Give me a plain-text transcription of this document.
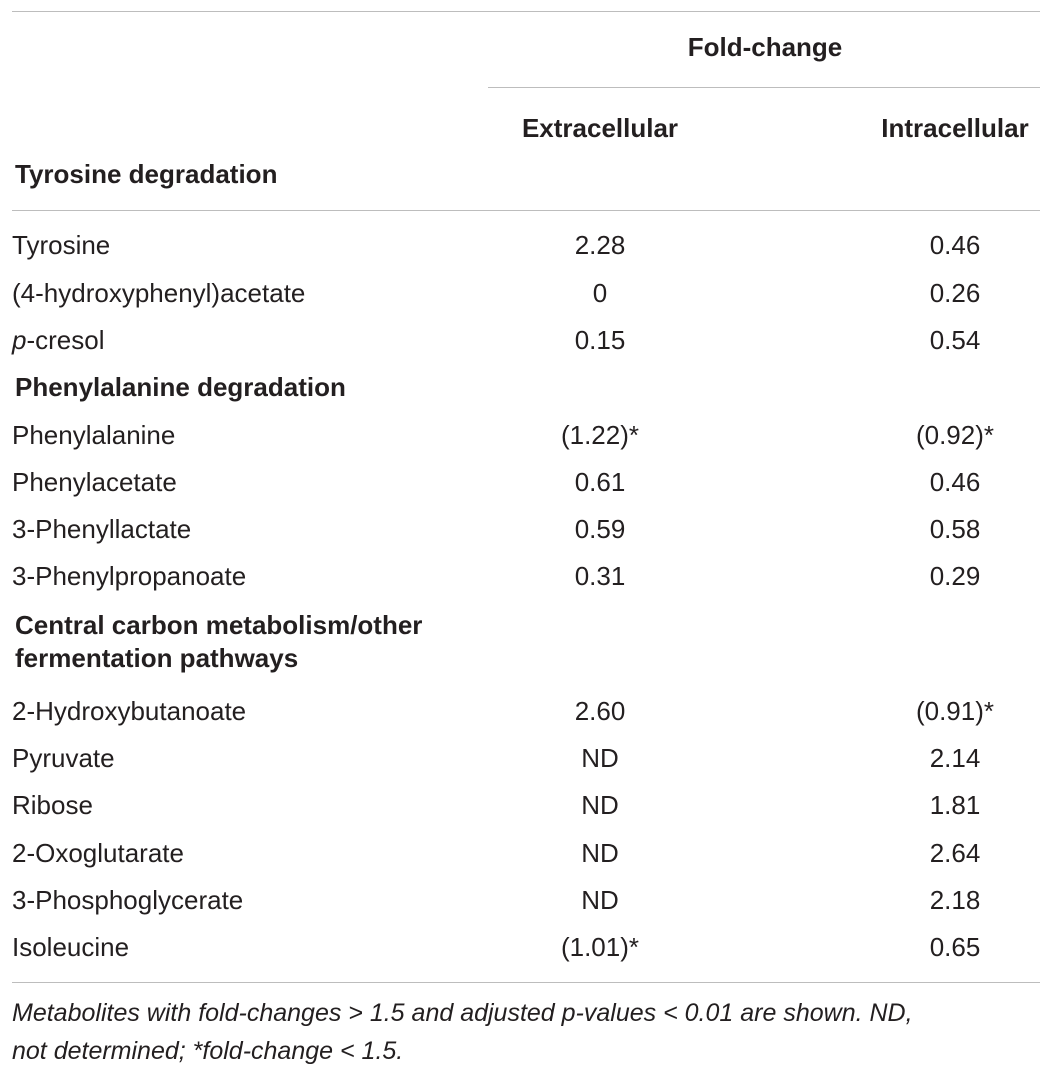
Fold-change
Extracellular	Intracellular
Tyrosine degradation
Tyrosine	2.28	0.46
(4-hydroxyphenyl)acetate	0	0.26
p-cresol	0.15	0.54
Phenylalanine degradation
Phenylalanine	(1.22)*	(0.92)*
Phenylacetate	0.61	0.46
3-Phenyllactate	0.59	0.58
3-Phenylpropanoate	0.31	0.29
Central carbon metabolism/other
fermentation pathways
2-Hydroxybutanoate	2.60	(0.91)*
Pyruvate	ND	2.14
Ribose	ND	1.81
2-Oxoglutarate	ND	2.64
3-Phosphoglycerate	ND	2.18
Isoleucine	(1.01)*	0.65
Metabolites with fold-changes > 1.5 and adjusted p-values < 0.01 are shown. ND,
not determined; *fold-change < 1.5.
